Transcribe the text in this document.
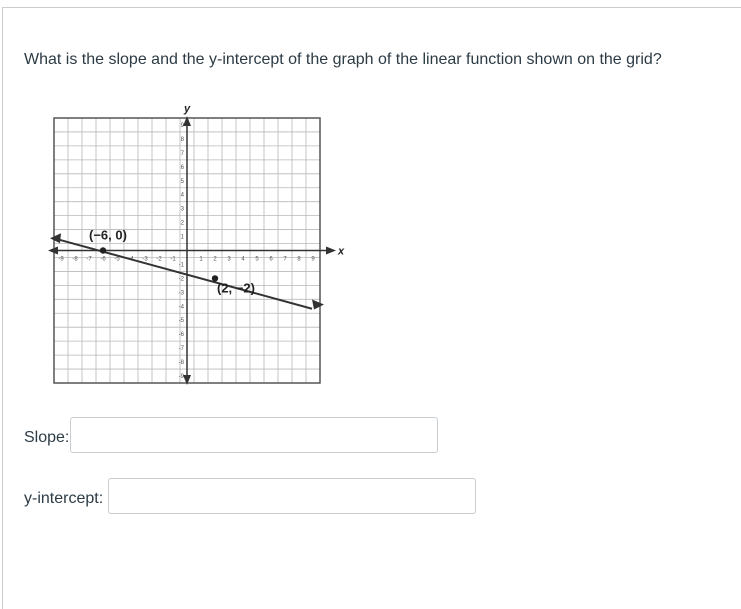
What is the slope and the y-intercept of the graph of the linear function shown on the grid?
-9 -8 -7 -6 -5	-3 -2 -1	1 2 3 4 5 6 7 8 9
9
8
7
6
5
4
3
2
1
-1
-2
-3
-4
-5
-6
-7
-8
-9
y
x
(−6, 0)
(2, −2)
Slope:
y-intercept:
